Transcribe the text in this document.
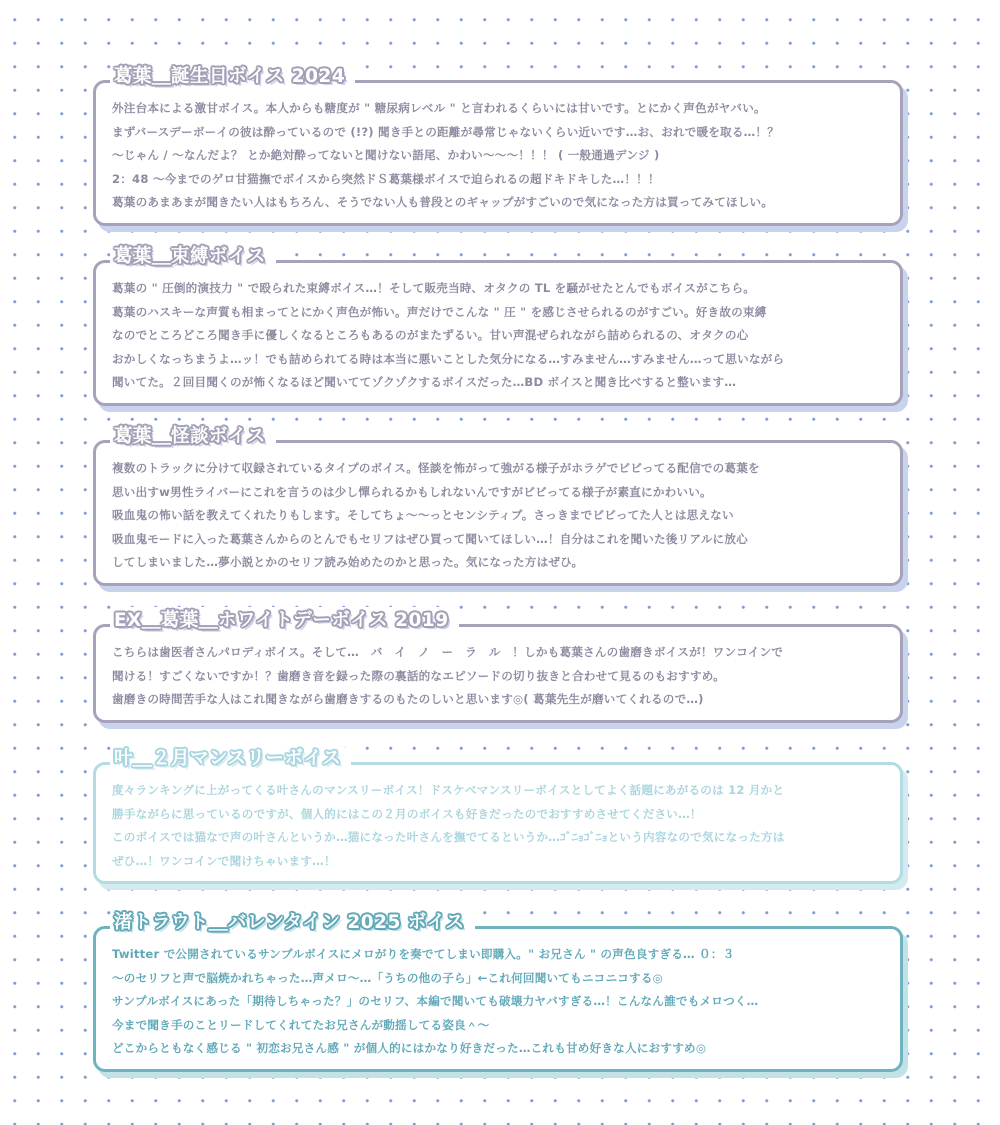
葛葉＿誕生日ボイス 2024

外注台本による激甘ボイス。本人からも糖度が " 糖尿病レベル " と言われるくらいには甘いです。とにかく声色がヤバい。

まずバースデーボーイの彼は酔っているので (!?) 聞き手との距離が尋常じゃないくらい近いです…お、おれで暖を取る…！？

～じゃん / ～なんだよ？ とか絶対酔ってないと聞けない語尾、かわい～～～！！！ ( 一般通過デンジ )

2：48 ～今までのゲロ甘猫撫でボイスから突然ドＳ葛葉様ボイスで迫られるの超ドキドキした…！！！

葛葉のあまあまが聞きたい人はもちろん、そうでない人も普段とのギャップがすごいので気になった方は買ってみてほしい。

葛葉＿束縛ボイス

葛葉の " 圧倒的演技力 " で殴られた束縛ボイス…！そして販売当時、オタクの TL を騒がせたとんでもボイスがこちら。

葛葉のハスキーな声質も相まってとにかく声色が怖い。声だけでこんな " 圧 " を感じさせられるのがすごい。好き故の束縛

なのでところどころ聞き手に優しくなるところもあるのがまたずるい。甘い声混ぜられながら詰められるの、オタクの心

おかしくなっちまうよ…ッ！でも詰められてる時は本当に悪いことした気分になる…すみません…すみません…って思いながら

聞いてた。２回目聞くのが怖くなるほど聞いててゾクゾクするボイスだった…BD ボイスと聞き比べすると整います…

葛葉＿怪談ボイス

複数のトラックに分けて収録されているタイプのボイス。怪談を怖がって強がる様子がホラゲでビビってる配信での葛葉を

思い出すw男性ライバーにこれを言うのは少し憚られるかもしれないんですがビビってる様子が素直にかわいい。

吸血鬼の怖い話を教えてくれたりもします。そしてちょ～～っとセンシティブ。さっきまでビビってた人とは思えない

吸血鬼モードに入った葛葉さんからのとんでもセリフはぜひ買って聞いてほしい…！自分はこれを聞いた後リアルに放心

してしまいました…夢小説とかのセリフ読み始めたのかと思った。気になった方はぜひ。

EX＿葛葉＿ホワイトデーボイス 2019

こちらは歯医者さんパロディボイス。そして…　バ　イ　ノ　ー　ラ　ル　！しかも葛葉さんの歯磨きボイスが！ワンコインで

聞ける！すごくないですか！？歯磨き音を録った際の裏話的なエピソードの切り抜きと合わせて見るのもおすすめ。

歯磨きの時間苦手な人はこれ聞きながら歯磨きするのもたのしいと思います◎( 葛葉先生が磨いてくれるので…)

叶＿２月マンスリーボイス

度々ランキングに上がってくる叶さんのマンスリーボイス！ドスケベマンスリーボイスとしてよく話題にあがるのは 12 月かと

勝手ながらに思っているのですが、個人的にはこの２月のボイスも好きだったのでおすすめさせてください…！

このボイスでは猫なで声の叶さんというか…猫になった叶さんを撫でてるというか…ｺﾞﾆｮｺﾞﾆｮという内容なので気になった方は

ぜひ…！ワンコインで聞けちゃいます…！

渚トラウト＿バレンタイン 2025 ボイス

Twitter で公開されているサンプルボイスにメロがりを奏でてしまい即購入。" お兄さん " の声色良すぎる… ０：３

～のセリフと声で脳焼かれちゃった…声メロ～…「うちの他の子ら」←これ何回聞いてもニコニコする◎

サンプルボイスにあった「期待しちゃった？」のセリフ、本編で聞いても破壊力ヤバすぎる…！こんなん誰でもメロつく…

今まで聞き手のことリードしてくれてたお兄さんが動揺してる姿良＾～

どこからともなく感じる " 初恋お兄さん感 " が個人的にはかなり好きだった…これも甘め好きな人におすすめ◎
